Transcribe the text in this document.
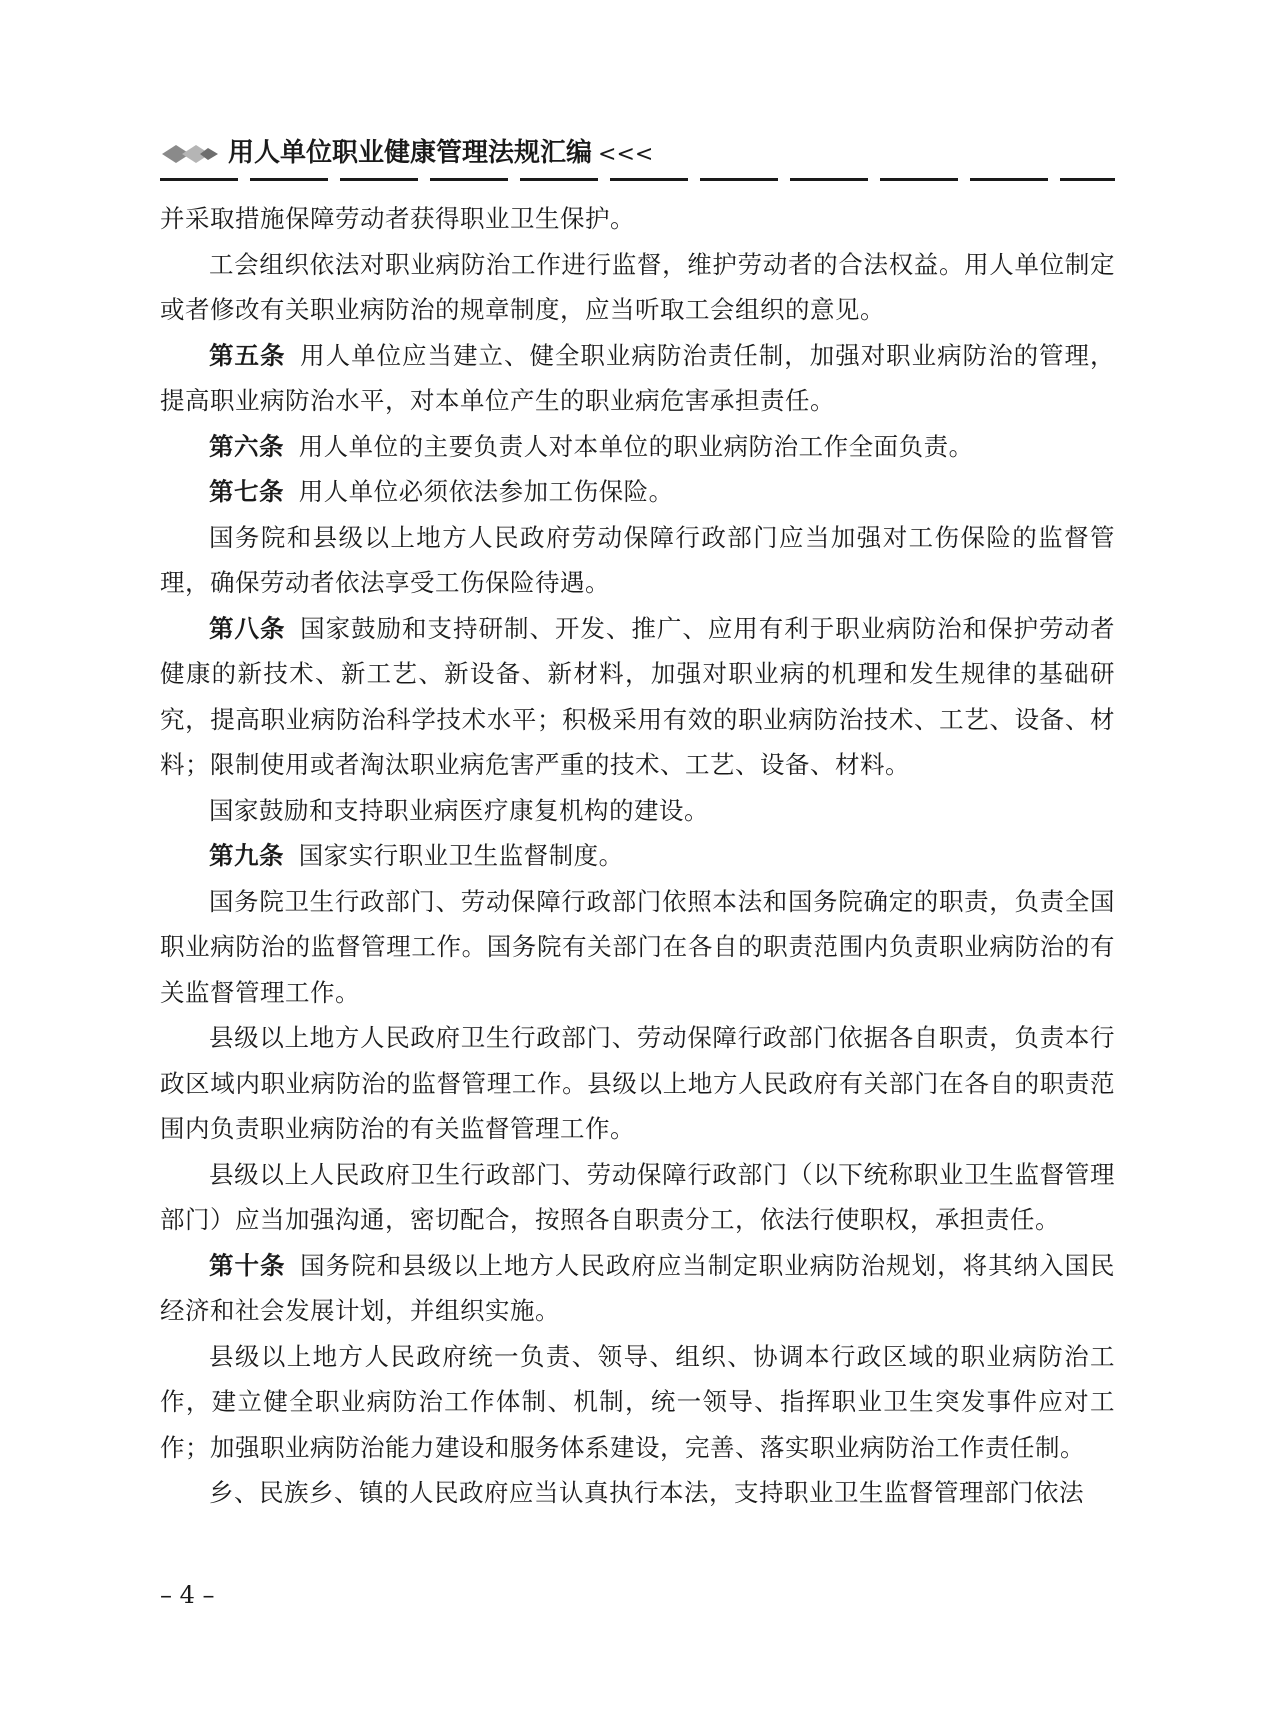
用人单位职业健康管理法规汇编 <<<

并采取措施保障劳动者获得职业卫生保护。

工会组织依法对职业病防治工作进行监督，维护劳动者的合法权益。用人单位制定或者修改有关职业病防治的规章制度，应当听取工会组织的意见。

第五条 用人单位应当建立、健全职业病防治责任制，加强对职业病防治的管理，提高职业病防治水平，对本单位产生的职业病危害承担责任。

第六条 用人单位的主要负责人对本单位的职业病防治工作全面负责。

第七条 用人单位必须依法参加工伤保险。

国务院和县级以上地方人民政府劳动保障行政部门应当加强对工伤保险的监督管理，确保劳动者依法享受工伤保险待遇。

第八条 国家鼓励和支持研制、开发、推广、应用有利于职业病防治和保护劳动者健康的新技术、新工艺、新设备、新材料，加强对职业病的机理和发生规律的基础研究，提高职业病防治科学技术水平；积极采用有效的职业病防治技术、工艺、设备、材料；限制使用或者淘汰职业病危害严重的技术、工艺、设备、材料。

国家鼓励和支持职业病医疗康复机构的建设。

第九条 国家实行职业卫生监督制度。

国务院卫生行政部门、劳动保障行政部门依照本法和国务院确定的职责，负责全国职业病防治的监督管理工作。国务院有关部门在各自的职责范围内负责职业病防治的有关监督管理工作。

县级以上地方人民政府卫生行政部门、劳动保障行政部门依据各自职责，负责本行政区域内职业病防治的监督管理工作。县级以上地方人民政府有关部门在各自的职责范围内负责职业病防治的有关监督管理工作。

县级以上人民政府卫生行政部门、劳动保障行政部门（以下统称职业卫生监督管理部门）应当加强沟通，密切配合，按照各自职责分工，依法行使职权，承担责任。

第十条 国务院和县级以上地方人民政府应当制定职业病防治规划，将其纳入国民经济和社会发展计划，并组织实施。

县级以上地方人民政府统一负责、领导、组织、协调本行政区域的职业病防治工作，建立健全职业病防治工作体制、机制，统一领导、指挥职业卫生突发事件应对工作；加强职业病防治能力建设和服务体系建设，完善、落实职业病防治工作责任制。

乡、民族乡、镇的人民政府应当认真执行本法，支持职业卫生监督管理部门依法

– 4 –
